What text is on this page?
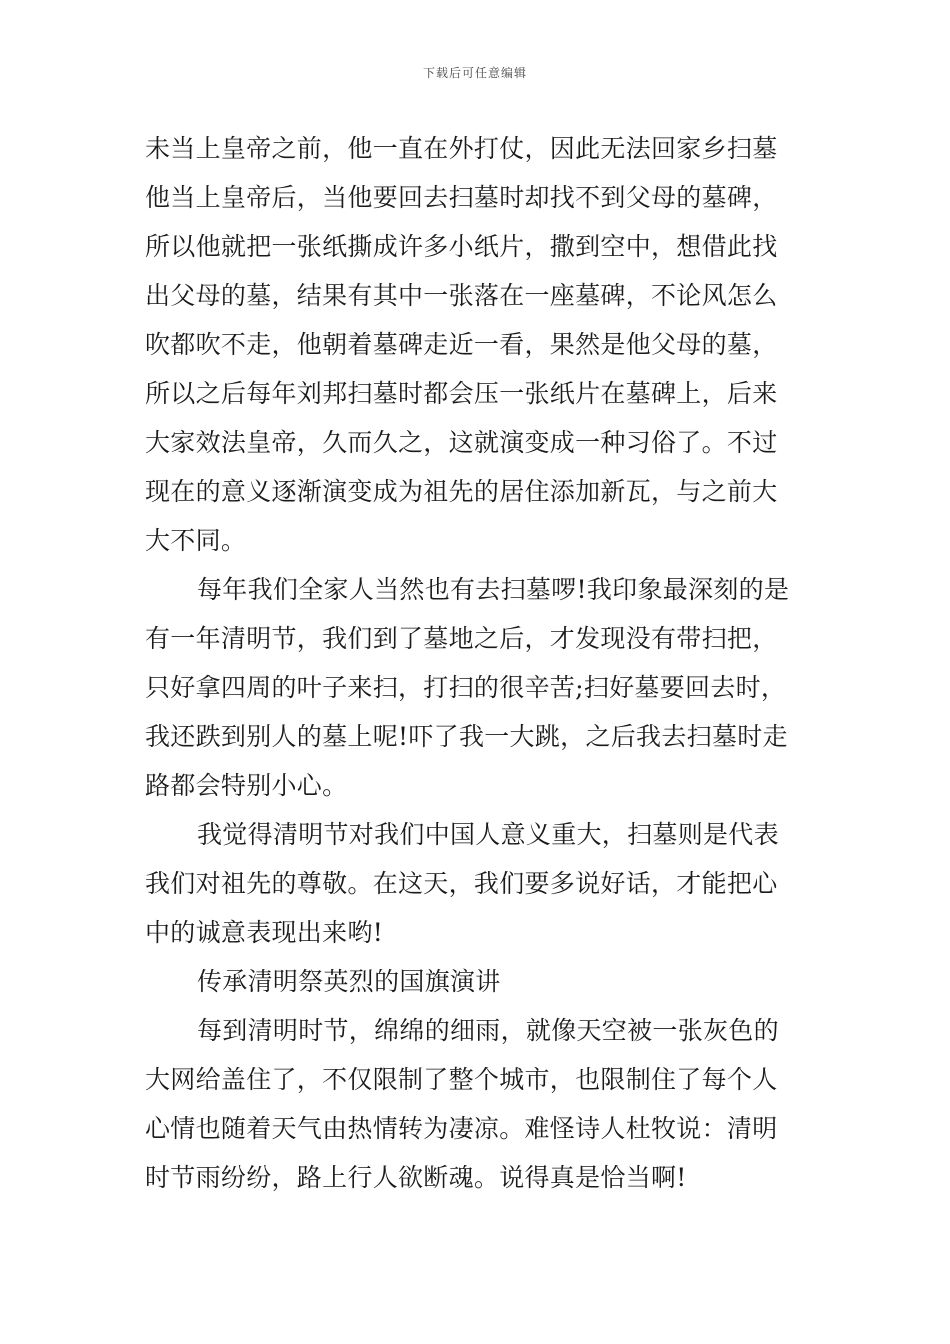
下载后可任意编辑
未当上皇帝之前，他一直在外打仗，因此无法回家乡扫墓
他当上皇帝后，当他要回去扫墓时却找不到父母的墓碑，
所以他就把一张纸撕成许多小纸片，撒到空中，想借此找
出父母的墓，结果有其中一张落在一座墓碑，不论风怎么
吹都吹不走，他朝着墓碑走近一看，果然是他父母的墓，
所以之后每年刘邦扫墓时都会压一张纸片在墓碑上，后来
大家效法皇帝，久而久之，这就演变成一种习俗了。不过
现在的意义逐渐演变成为祖先的居住添加新瓦，与之前大
大不同。
每年我们全家人当然也有去扫墓啰!我印象最深刻的是
有一年清明节，我们到了墓地之后，才发现没有带扫把，
只好拿四周的叶子来扫，打扫的很辛苦;扫好墓要回去时，
我还跌到别人的墓上呢!吓了我一大跳，之后我去扫墓时走
路都会特别小心。
我觉得清明节对我们中国人意义重大，扫墓则是代表
我们对祖先的尊敬。在这天，我们要多说好话，才能把心
中的诚意表现出来哟!
传承清明祭英烈的国旗演讲
每到清明时节，绵绵的细雨，就像天空被一张灰色的
大网给盖住了，不仅限制了整个城市，也限制住了每个人
心情也随着天气由热情转为凄凉。难怪诗人杜牧说：清明
时节雨纷纷，路上行人欲断魂。说得真是恰当啊!
